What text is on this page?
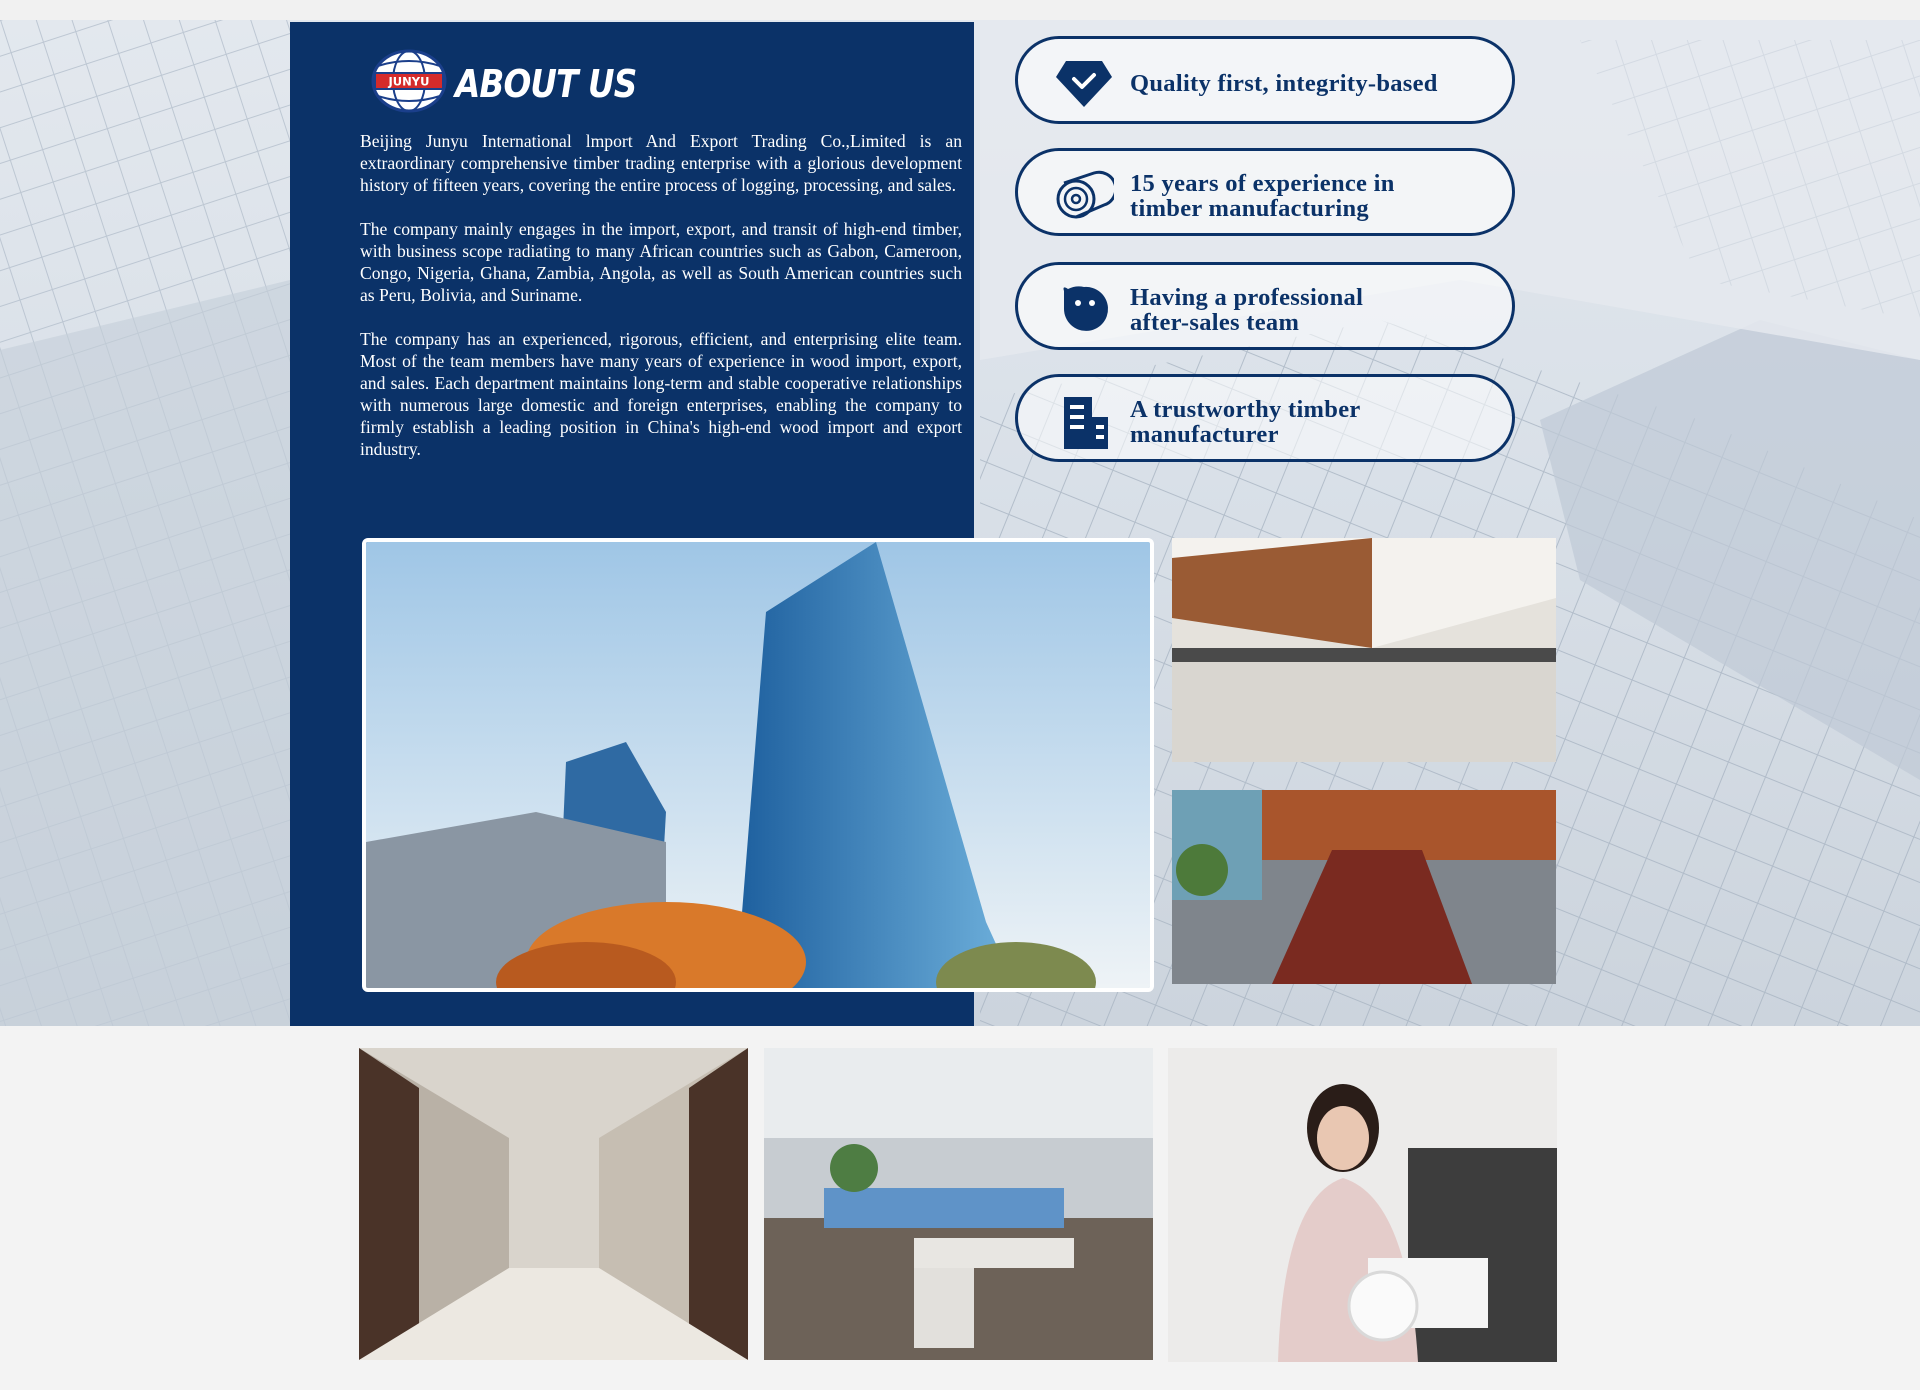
JUNYU ABOUT US

Beijing Junyu International lmport And Export Trading Co.,Limited is an extraordinary comprehensive timber trading enterprise with a glorious development history of fifteen years, covering the entire process of logging, processing, and sales.

The company mainly engages in the import, export, and transit of high-end timber, with business scope radiating to many African countries such as Gabon, Cameroon, Congo, Nigeria, Ghana, Zambia, Angola, as well as South American countries such as Peru, Bolivia, and Suriname.

The company has an experienced, rigorous, efficient, and enterprising elite team. Most of the team members have many years of experience in wood import, export, and sales. Each department maintains long-term and stable cooperative relationships with numerous large domestic and foreign enterprises, enabling the company to firmly establish a leading position in China's high-end wood import and export industry.

Quality first, integrity-based
15 years of experience in
timber manufacturing
Having a professional
after-sales team
A trustworthy timber
manufacturer
